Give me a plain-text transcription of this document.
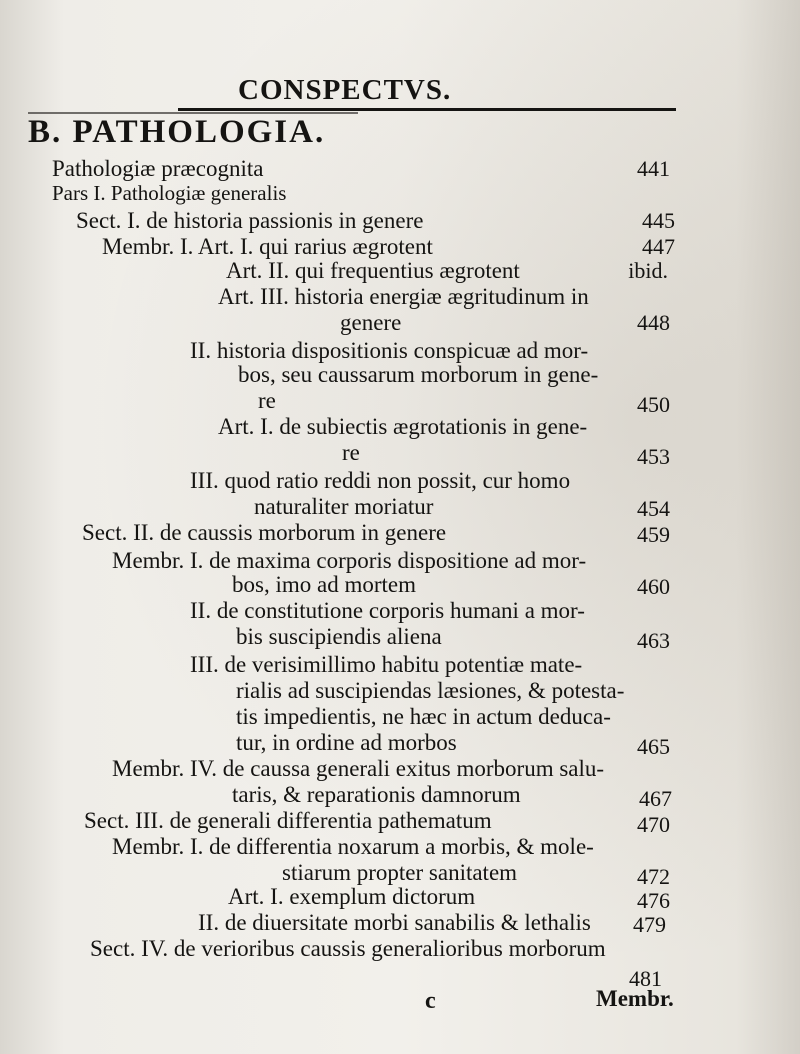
CONSPECTVS.
B. PATHOLOGIA.
Pathologiæ præcognita	441
Pars I. Pathologiæ generalis
Sect. I. de historia passionis in genere	445
Membr. I. Art. I. qui rarius ægrotent	447
Art. II. qui frequentius ægrotent	ibid.
Art. III. historia energiæ ægritudinum in
genere	448
II. historia dispositionis conspicuæ ad mor-
bos, seu caussarum morborum in gene-
re	450
Art. I. de subiectis ægrotationis in gene-
re	453
III. quod ratio reddi non possit, cur homo
naturaliter moriatur	454
Sect. II. de caussis morborum in genere	459
Membr. I. de maxima corporis dispositione ad mor-
bos, imo ad mortem	460
II. de constitutione corporis humani a mor-
bis suscipiendis aliena	463
III. de verisimillimo habitu potentiæ mate-
rialis ad suscipiendas læsiones, & potesta-
tis impedientis, ne hæc in actum deduca-
tur, in ordine ad morbos	465
Membr. IV. de caussa generali exitus morborum salu-
taris, & reparationis damnorum	467
Sect. III. de generali differentia pathematum	470
Membr. I. de differentia noxarum a morbis, & mole-
stiarum propter sanitatem	472
Art. I. exemplum dictorum	476
II. de diuersitate morbi sanabilis & lethalis 479
Sect. IV. de verioribus caussis generalioribus morborum
481
c	Membr.
